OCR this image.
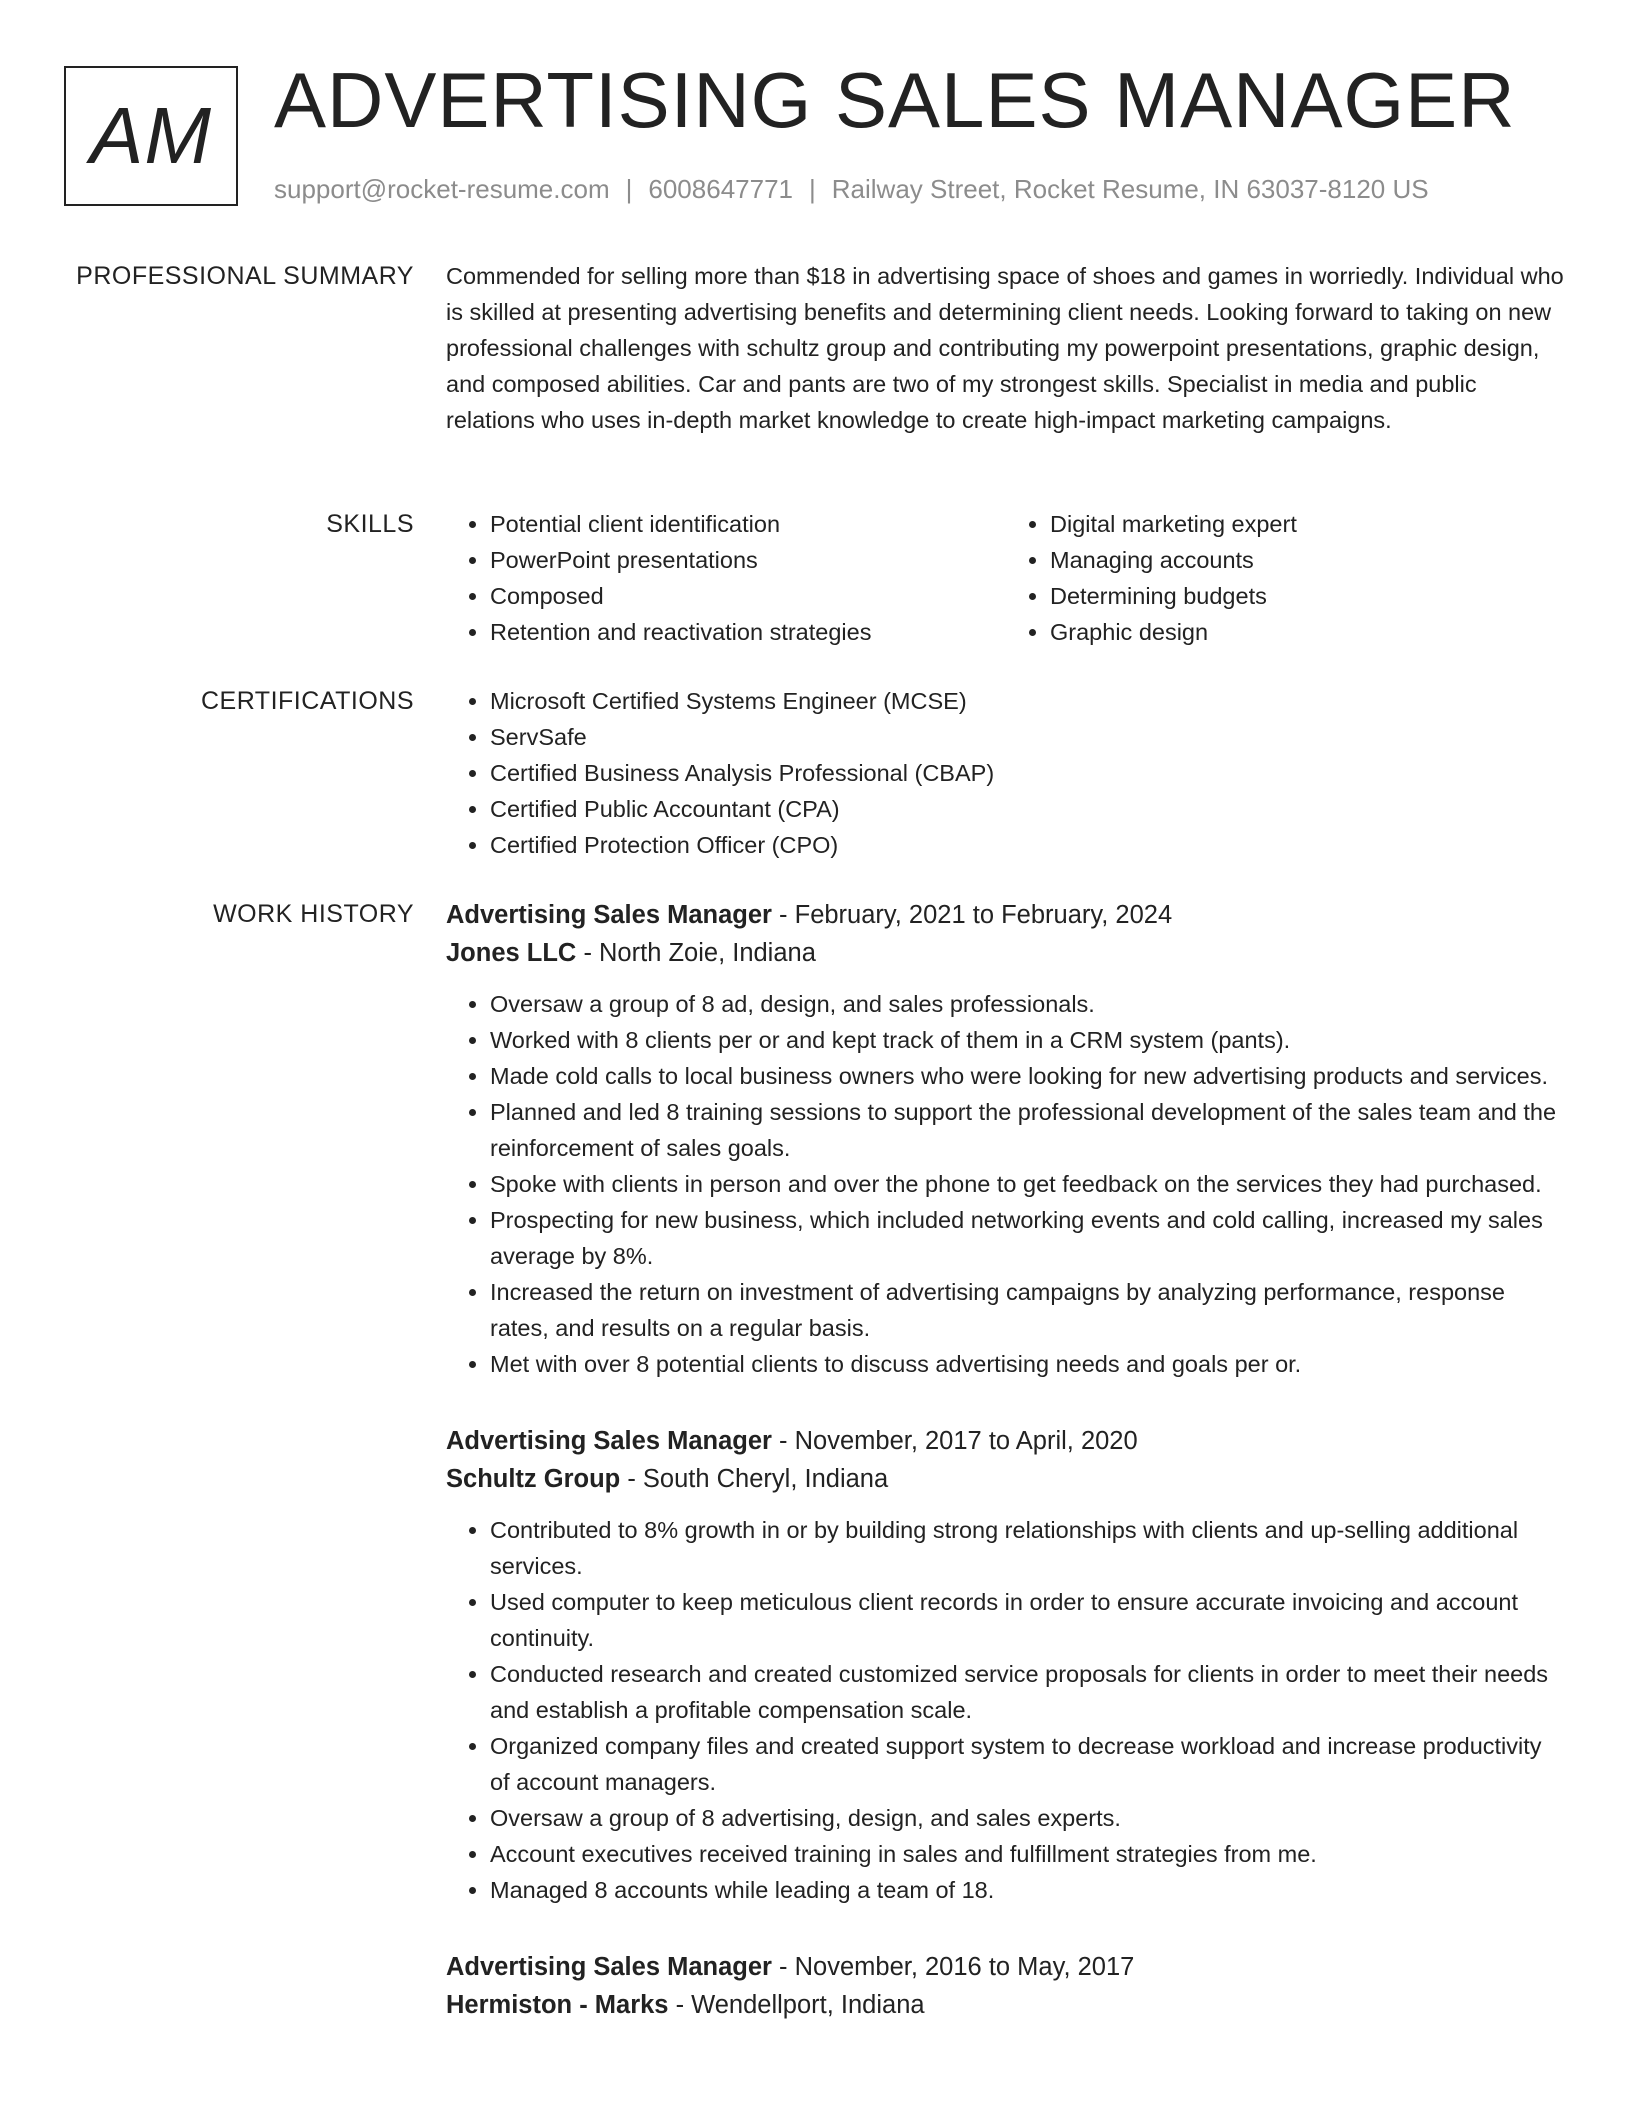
AM ADVERTISING SALES MANAGER
support@rocket-resume.com | 6008647771 | Railway Street, Rocket Resume, IN 63037-8120 US
PROFESSIONAL SUMMARY Commended for selling more than $18 in advertising space of shoes and games in worriedly. Individual who is skilled at presenting advertising benefits and determining client needs. Looking forward to taking on new professional challenges with schultz group and contributing my powerpoint presentations, graphic design, and composed abilities. Car and pants are two of my strongest skills. Specialist in media and public relations who uses in-depth market knowledge to create high-impact marketing campaigns.

SKILLS	• Potential client identification
• PowerPoint presentations
• Composed
• Retention and reactivation strategies
• Digital marketing expert
• Managing accounts
• Determining budgets
• Graphic design
CERTIFICATIONS	• Microsoft Certified Systems Engineer (MCSE)
• ServSafe
• Certified Business Analysis Professional (CBAP)
• Certified Public Accountant (CPA)
• Certified Protection Officer (CPO)
WORK HISTORY Advertising Sales Manager - February, 2021 to February, 2024
Jones LLC - North Zoie, Indiana
• Oversaw a group of 8 ad, design, and sales professionals.
• Worked with 8 clients per or and kept track of them in a CRM system (pants).
• Made cold calls to local business owners who were looking for new advertising products and services.
• Planned and led 8 training sessions to support the professional development of the sales team and the reinforcement of sales goals.
• Spoke with clients in person and over the phone to get feedback on the services they had purchased.
• Prospecting for new business, which included networking events and cold calling, increased my sales average by 8%.
• Increased the return on investment of advertising campaigns by analyzing performance, response rates, and results on a regular basis.
• Met with over 8 potential clients to discuss advertising needs and goals per or.
Advertising Sales Manager - November, 2017 to April, 2020
Schultz Group - South Cheryl, Indiana
• Contributed to 8% growth in or by building strong relationships with clients and up-selling additional services.
• Used computer to keep meticulous client records in order to ensure accurate invoicing and account continuity.
• Conducted research and created customized service proposals for clients in order to meet their needs and establish a profitable compensation scale.
• Organized company files and created support system to decrease workload and increase productivity of account managers.
• Oversaw a group of 8 advertising, design, and sales experts.
• Account executives received training in sales and fulfillment strategies from me.
• Managed 8 accounts while leading a team of 18.
Advertising Sales Manager - November, 2016 to May, 2017
Hermiston - Marks - Wendellport, Indiana
